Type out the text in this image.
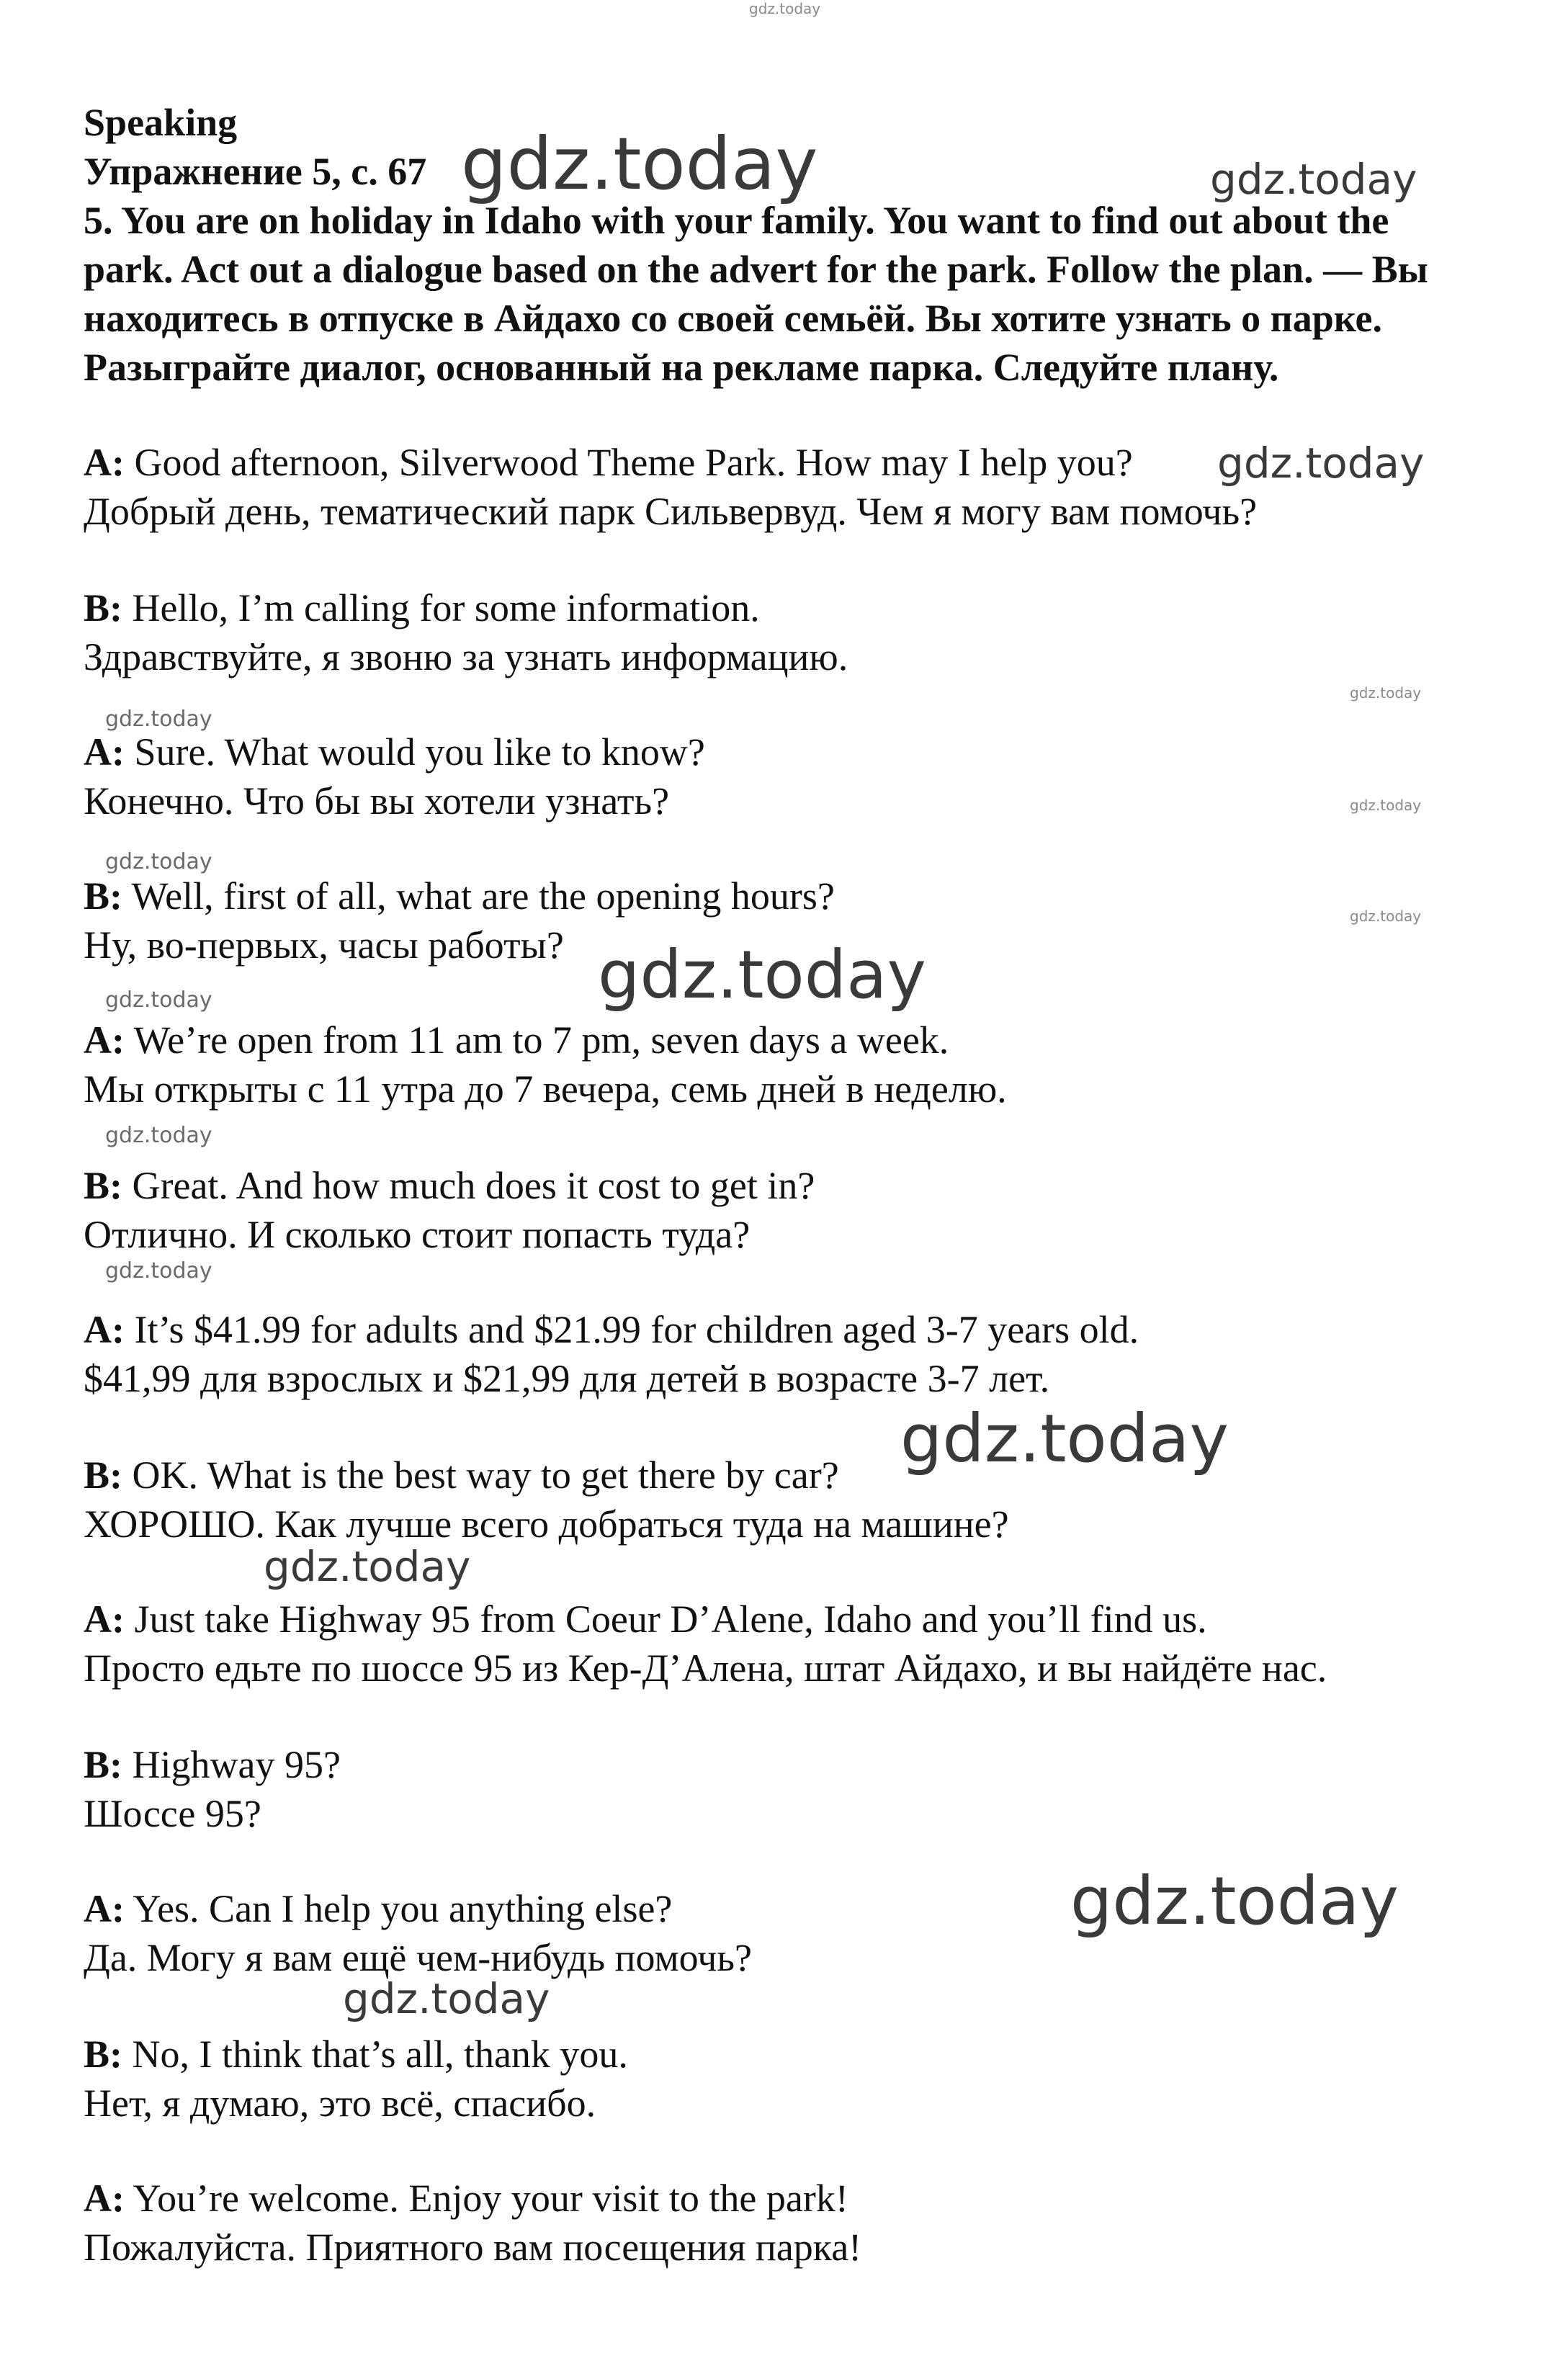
Speaking
Упражнение 5, с. 67
5. You are on holiday in Idaho with your family. You want to find out about the park. Act out a dialogue based on the advert for the park. Follow the plan. — Вы находитесь в отпуске в Айдахо со своей семьёй. Вы хотите узнать о парке. Разыграйте диалог, основанный на рекламе парка. Следуйте плану.
A: Good afternoon, Silverwood Theme Park. How may I help you?
Добрый день, тематический парк Сильвервуд. Чем я могу вам помочь?
B: Hello, I’m calling for some information.
Здравствуйте, я звоню за узнать информацию.
A: Sure. What would you like to know?
Конечно. Что бы вы хотели узнать?
B: Well, first of all, what are the opening hours?
Ну, во-первых, часы работы?
A: We’re open from 11 am to 7 pm, seven days a week.
Мы открыты с 11 утра до 7 вечера, семь дней в неделю.
B: Great. And how much does it cost to get in?
Отлично. И сколько стоит попасть туда?
A: It’s $41.99 for adults and $21.99 for children aged 3-7 years old.
$41,99 для взрослых и $21,99 для детей в возрасте 3-7 лет.
B: OK. What is the best way to get there by car?
ХОРОШО. Как лучше всего добраться туда на машине?
A: Just take Highway 95 from Coeur D’Alene, Idaho and you’ll find us.
Просто едьте по шоссе 95 из Кер-Д’Алена, штат Айдахо, и вы найдёте нас.
B: Highway 95?
Шоссе 95?
A: Yes. Can I help you anything else?
Да. Могу я вам ещё чем-нибудь помочь?
B: No, I think that’s all, thank you.
Нет, я думаю, это всё, спасибо.
A: You’re welcome. Enjoy your visit to the park!
Пожалуйста. Приятного вам посещения парка!
gdz.today
gdz.today	gdz.today
gdz.today
gdz.today
gdz.today
gdz.today
gdz.today
gdz.today
gdz.today
gdz.today
gdz.today
gdz.today
gdz.today
gdz.today
gdz.today
gdz.today
